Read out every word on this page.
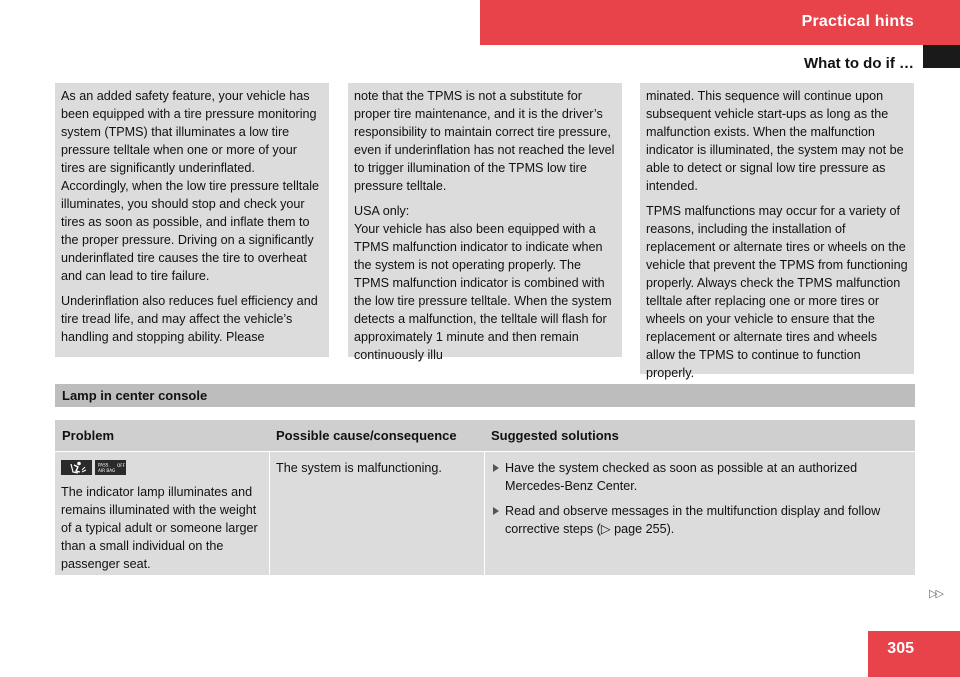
Practical hints
What to do if …

As an added safety feature, your vehicle has been equipped with a tire pressure monitoring system (TPMS) that illuminates a low tire pressure telltale when one or more of your tires are significantly underinflated. Accordingly, when the low tire pressure telltale illuminates, you should stop and check your tires as soon as possible, and inflate them to the proper pressure. Driving on a significantly underinflated tire causes the tire to overheat and can lead to tire failure.

Underinflation also reduces fuel efficiency and tire tread life, and may affect the vehicle’s handling and stopping ability. Please

note that the TPMS is not a substitute for proper tire maintenance, and it is the driver’s responsibility to maintain correct tire pressure, even if underinflation has not reached the level to trigger illumination of the TPMS low tire pressure telltale.

USA only:

Your vehicle has also been equipped with a TPMS malfunction indicator to indicate when the system is not operating properly. The TPMS malfunction indicator is combined with the low tire pressure telltale. When the system detects a malfunction, the telltale will flash for approximately 1 minute and then remain continuously illu

minated. This sequence will continue upon subsequent vehicle start-ups as long as the malfunction exists. When the malfunction indicator is illuminated, the system may not be able to detect or signal low tire pressure as intended.

TPMS malfunctions may occur for a variety of reasons, including the installation of replacement or alternate tires or wheels on the vehicle that prevent the TPMS from functioning properly. Always check the TPMS malfunction telltale after replacing one or more tires or wheels on your vehicle to ensure that the replacement or alternate tires and wheels allow the TPMS to continue to function properly.

Lamp in center console
Problem	Possible cause/consequence	Suggested solutions
PASS.
AIR BAG
OFF
The indicator lamp illuminates and remains illuminated with the weight of a typical adult or someone larger than a small individual on the passenger seat.
The system is malfunctioning.	Have the system checked as soon as possible at an authorized Mercedes-Benz Center.
Read and observe messages in the multifunction display and follow corrective steps (▷ page 255).
▷▷
305
